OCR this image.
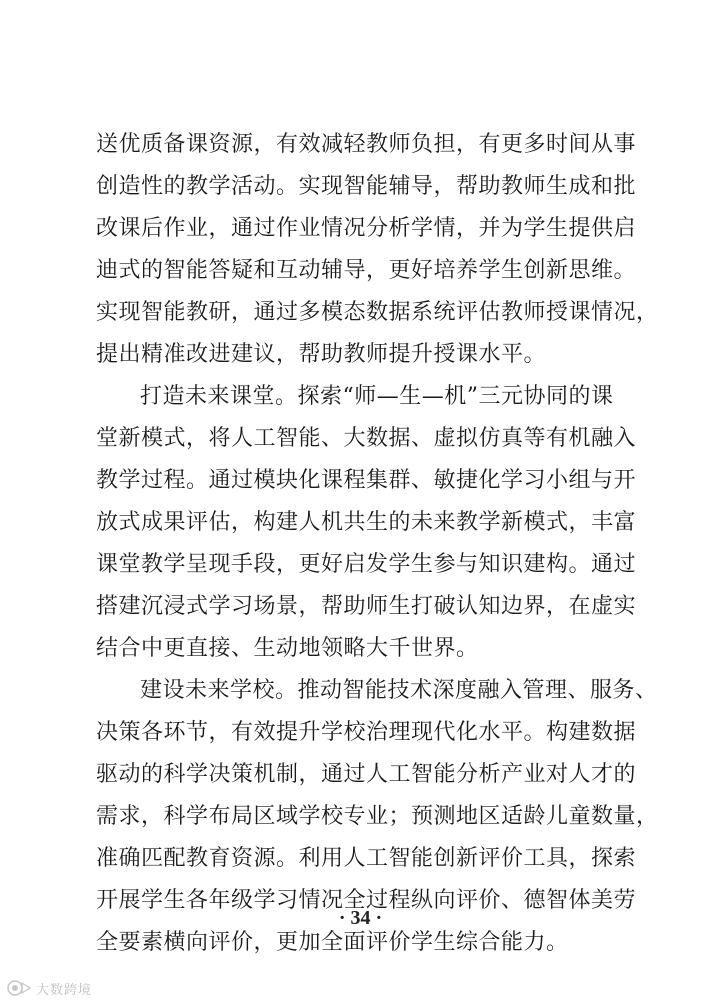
送优质备课资源，有效减轻教师负担，有更多时间从事
创造性的教学活动。实现智能辅导，帮助教师生成和批
改课后作业，通过作业情况分析学情，并为学生提供启
迪式的智能答疑和互动辅导，更好培养学生创新思维。
实现智能教研，通过多模态数据系统评估教师授课情况，
提出精准改进建议，帮助教师提升授课水平。
打造未来课堂。探索“师—生—机”三元协同的课
堂新模式，将人工智能、大数据、虚拟仿真等有机融入
教学过程。通过模块化课程集群、敏捷化学习小组与开
放式成果评估，构建人机共生的未来教学新模式，丰富
课堂教学呈现手段，更好启发学生参与知识建构。通过
搭建沉浸式学习场景，帮助师生打破认知边界，在虚实
结合中更直接、生动地领略大千世界。
建设未来学校。推动智能技术深度融入管理、服务、
决策各环节，有效提升学校治理现代化水平。构建数据
驱动的科学决策机制，通过人工智能分析产业对人才的
需求，科学布局区域学校专业；预测地区适龄儿童数量，
准确匹配教育资源。利用人工智能创新评价工具，探索
开展学生各年级学习情况全过程纵向评价、德智体美劳
全要素横向评价，更加全面评价学生综合能力。
· 34 ·
大数跨境
